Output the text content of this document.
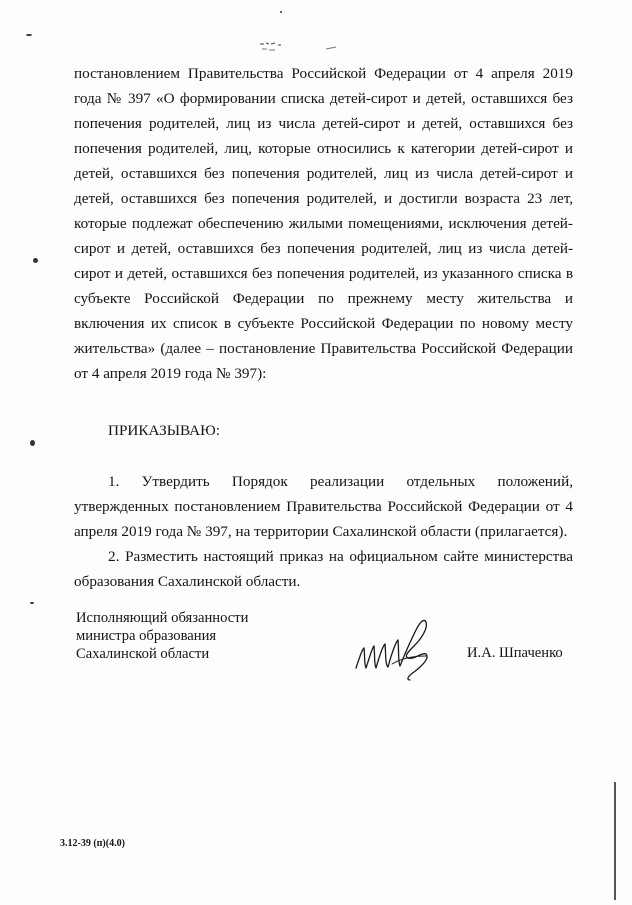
постановлением Правительства Российской Федерации от 4 апреля 2019 года № 397 «О формировании списка детей-сирот и детей, оставшихся без попечения родителей, лиц из числа детей-сирот и детей, оставшихся без попечения родителей, лиц, которые относились к категории детей-сирот и детей, оставшихся без попечения родителей, лиц из числа детей-сирот и детей, оставшихся без попечения родителей, и достигли возраста 23 лет, которые подлежат обеспечению жилыми помещениями, исключения детей-сирот и детей, оставшихся без попечения родителей, лиц из числа детей-сирот и детей, оставшихся без попечения родителей, из указанного списка в субъекте Российской Федерации по прежнему месту жительства и включения их список в субъекте Российской Федерации по новому месту жительства» (далее – постановление Правительства Российской Федерации от 4 апреля 2019 года № 397):

ПРИКАЗЫВАЮ:

1. Утвердить Порядок реализации отдельных положений, утвержденных постановлением Правительства Российской Федерации от 4 апреля 2019 года № 397, на территории Сахалинской области (прилагается).

2. Разместить настоящий приказ на официальном сайте министерства образования Сахалинской области.

Исполняющий обязанности
министра образования
Сахалинской области	И.А. Шпаченко
3.12-39 (п)(4.0)
